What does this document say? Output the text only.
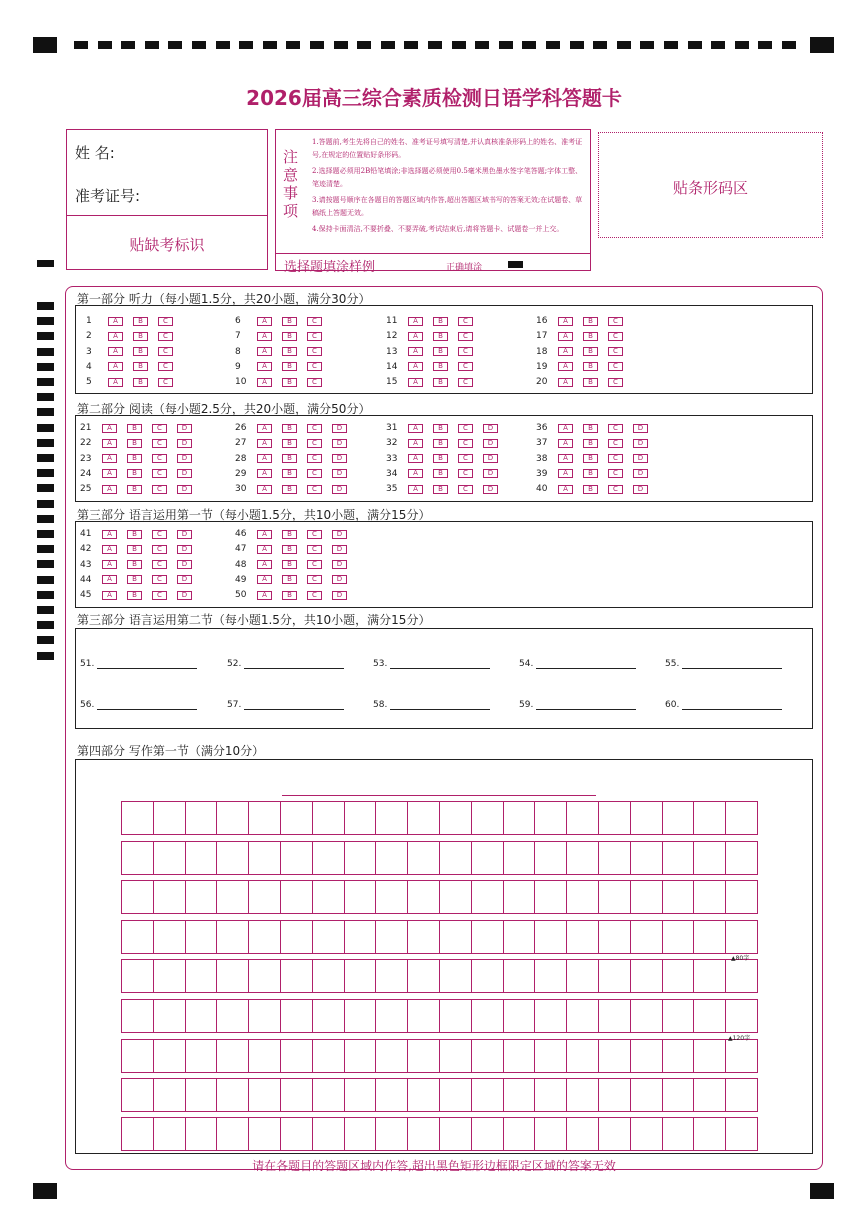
2026届高三综合素质检测日语学科答题卡
姓 名:
准考证号:
贴缺考标识
注意事项
1.答题前,考生先将自己的姓名、准考证号填写清楚,并认真核准条形码上的姓名、准考证号,在规定的位置贴好条形码。
2.选择题必须用2B铅笔填涂;非选择题必须使用0.5毫米黑色墨水签字笔答题;字体工整、笔迹清楚。
3.请按题号顺序在各题目的答题区域内作答,超出答题区域书写的答案无效;在试题卷、草稿纸上答题无效。
4.保持卡面清洁,不要折叠、不要弄破,考试结束后,请将答题卡、试题卷一并上交。
选择题填涂样例	正确填涂
贴条形码区
第一部分 听力（每小题1.5分，共20小题，满分30分）
1	A	B	C
2	A	B	C
3	A	B	C
4	A	B	C
5	A	B	C
6	A	B	C
7	A	B	C
8	A	B	C
9	A	B	C
10	A	B	C
11	A	B	C
12	A	B	C
13	A	B	C
14	A	B	C
15	A	B	C
16	A	B	C
17	A	B	C
18	A	B	C
19	A	B	C
20	A	B	C
第二部分 阅读（每小题2.5分，共20小题，满分50分）
21	A	B	C	D
22	A	B	C	D
23	A	B	C	D
24	A	B	C	D
25	A	B	C	D
26	A	B	C	D
27	A	B	C	D
28	A	B	C	D
29	A	B	C	D
30	A	B	C	D
31	A	B	C	D
32	A	B	C	D
33	A	B	C	D
34	A	B	C	D
35	A	B	C	D
36	A	B	C	D
37	A	B	C	D
38	A	B	C	D
39	A	B	C	D
40	A	B	C	D
第三部分 语言运用第一节（每小题1.5分，共10小题，满分15分）
41	A	B	C	D
42	A	B	C	D
43	A	B	C	D
44	A	B	C	D
45	A	B	C	D
46	A	B	C	D
47	A	B	C	D
48	A	B	C	D
49	A	B	C	D
50	A	B	C	D
第三部分 语言运用第二节（每小题1.5分，共10小题，满分15分）
51.	52.	53.	54.	55.
56.	57.	58.	59.	60.
第四部分 写作第一节（满分10分）
▲80字
▲120字
请在各题目的答题区域内作答,超出黑色矩形边框限定区域的答案无效
